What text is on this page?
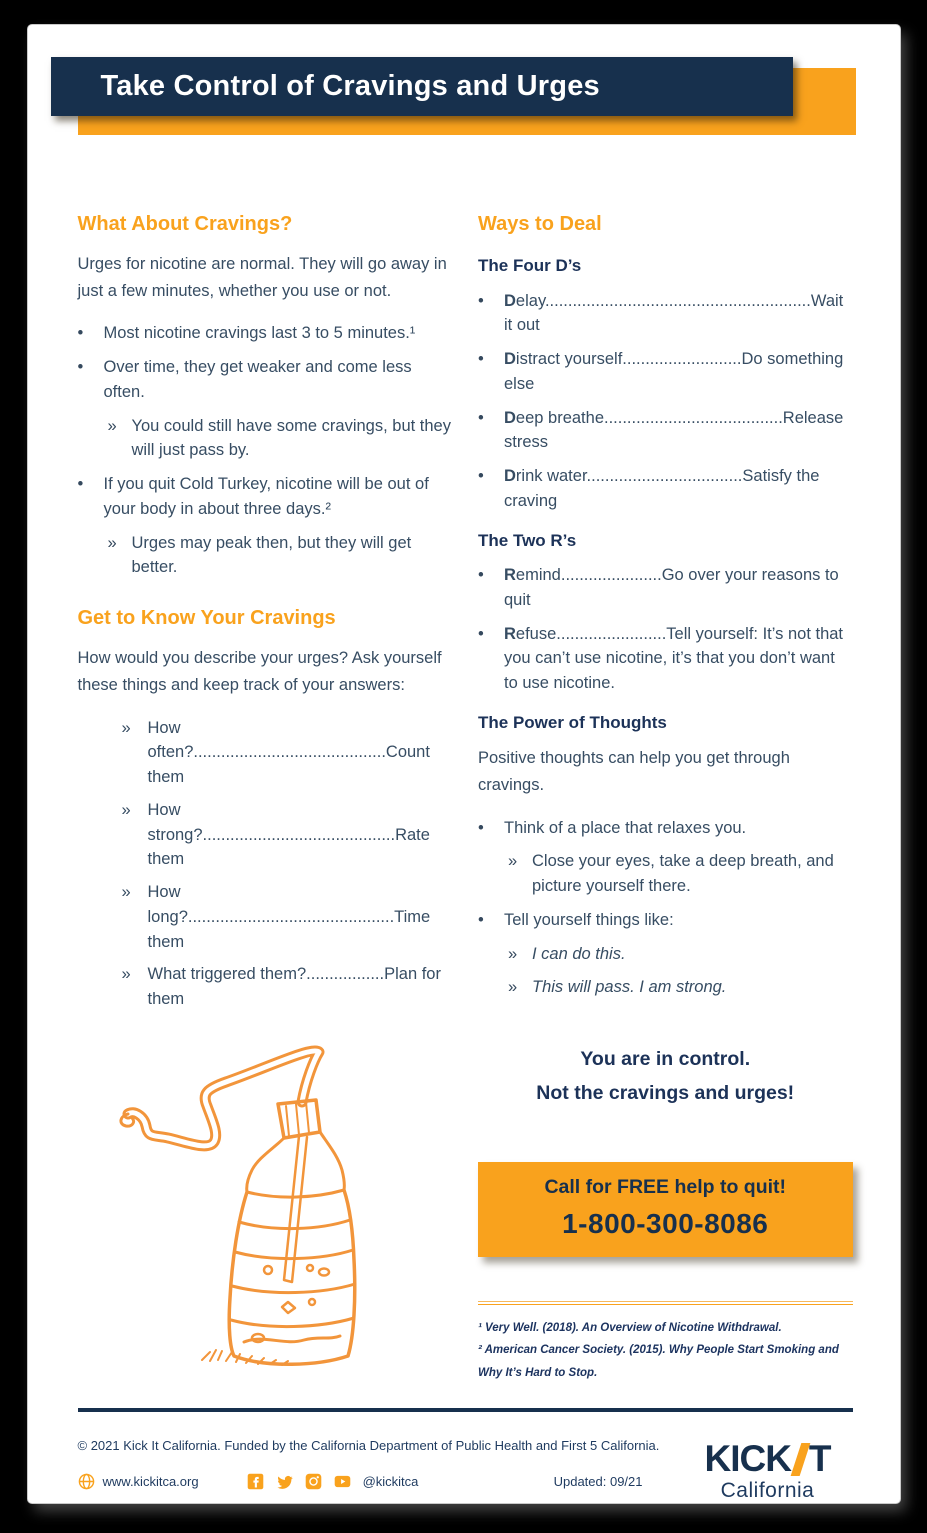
Take Control of Cravings and Urges
What About Cravings?

Urges for nicotine are normal. They will go away in just a few minutes, whether you use or not.

•	Most nicotine cravings last 3 to 5 minutes.¹
•	Over time, they get weaker and come less often.
» You could still have some cravings, but they will just pass by.
•	If you quit Cold Turkey, nicotine will be out of your body in about three days.²
» Urges may peak then, but they will get better.
Get to Know Your Cravings

How would you describe your urges? Ask yourself these things and keep track of your answers:

»	How often?..........................................Count them
»	How strong?..........................................Rate them
»	How long?.............................................Time them
»	What triggered them?.................Plan for them
Ways to Deal
The Four D’s
•	Delay..........................................................Wait it out
•	Distract yourself..........................Do something else
•	Deep breathe.......................................Release stress
•	Drink water..................................Satisfy the craving
The Two R’s
•	Remind......................Go over your reasons to quit
•	Refuse........................Tell yourself: It’s not that you can’t use nicotine, it’s that you don’t want to use nicotine.
The Power of Thoughts

Positive thoughts can help you get through cravings.

•	Think of a place that relaxes you.
» Close your eyes, take a deep breath, and picture yourself there.
•	Tell yourself things like:
» I can do this.
» This will pass. I am strong.
You are in control.
Not the cravings and urges!
Call for FREE help to quit!
1-800-300-8086

¹ Very Well. (2018). An Overview of Nicotine Withdrawal.

² American Cancer Society. (2015). Why People Start Smoking and Why It’s Hard to Stop.

© 2021 Kick It California. Funded by the California Department of Public Health and First 5 California.

www.kickitca.org	@kickitca	Updated: 09/21
KICK T
California
